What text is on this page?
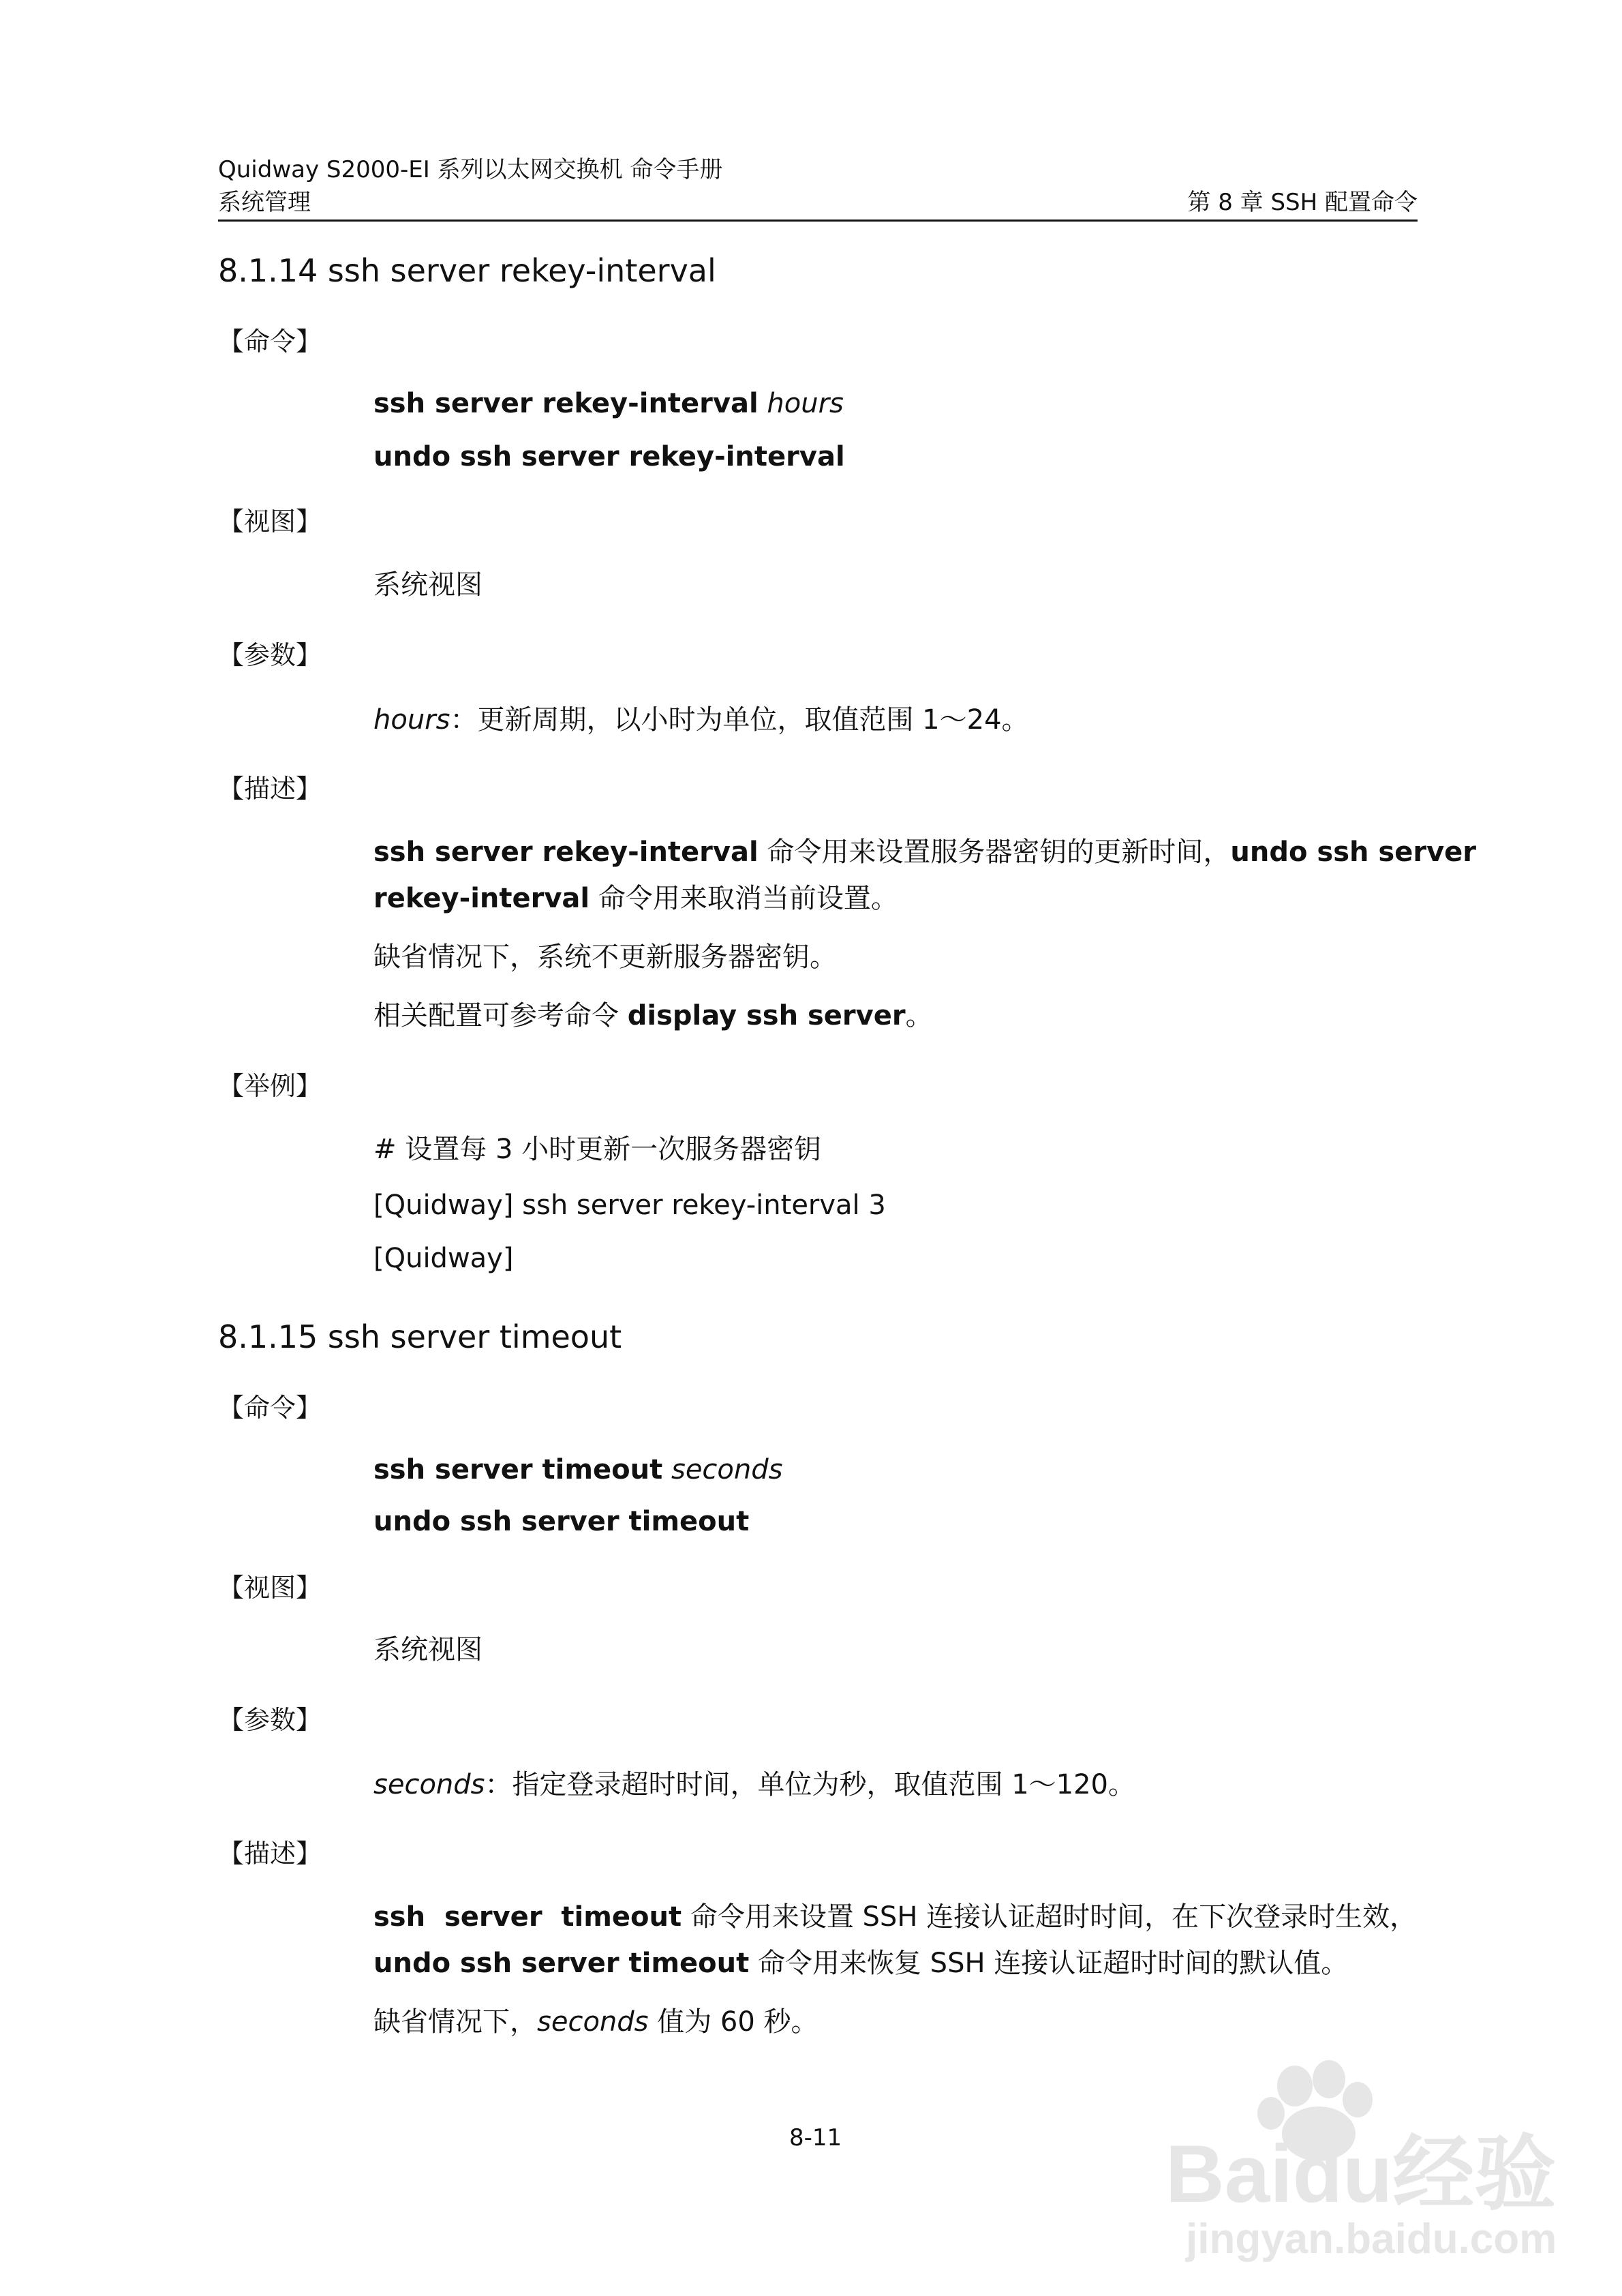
Quidway S2000-EI 系列以太网交换机 命令手册
系统管理	第 8 章 SSH 配置命令
8.1.14 ssh server rekey-interval
【命令】
ssh server rekey-interval hours
undo ssh server rekey-interval
【视图】
系统视图
【参数】
hours：更新周期，以小时为单位，取值范围 1～24。
【描述】
ssh server rekey-interval 命令用来设置服务器密钥的更新时间，undo ssh server
rekey-interval 命令用来取消当前设置。
缺省情况下，系统不更新服务器密钥。
相关配置可参考命令 display ssh server。
【举例】
# 设置每 3 小时更新一次服务器密钥
[Quidway] ssh server rekey-interval 3
[Quidway]
8.1.15 ssh server timeout
【命令】
ssh server timeout seconds
undo ssh server timeout
【视图】
系统视图
【参数】
seconds：指定登录超时时间，单位为秒，取值范围 1～120。
【描述】
ssh  server  timeout 命令用来设置 SSH 连接认证超时时间，在下次登录时生效，
undo ssh server timeout 命令用来恢复 SSH 连接认证超时时间的默认值。
缺省情况下，seconds 值为 60 秒。
8-11	Baidu经验
jingyan.baidu.com
